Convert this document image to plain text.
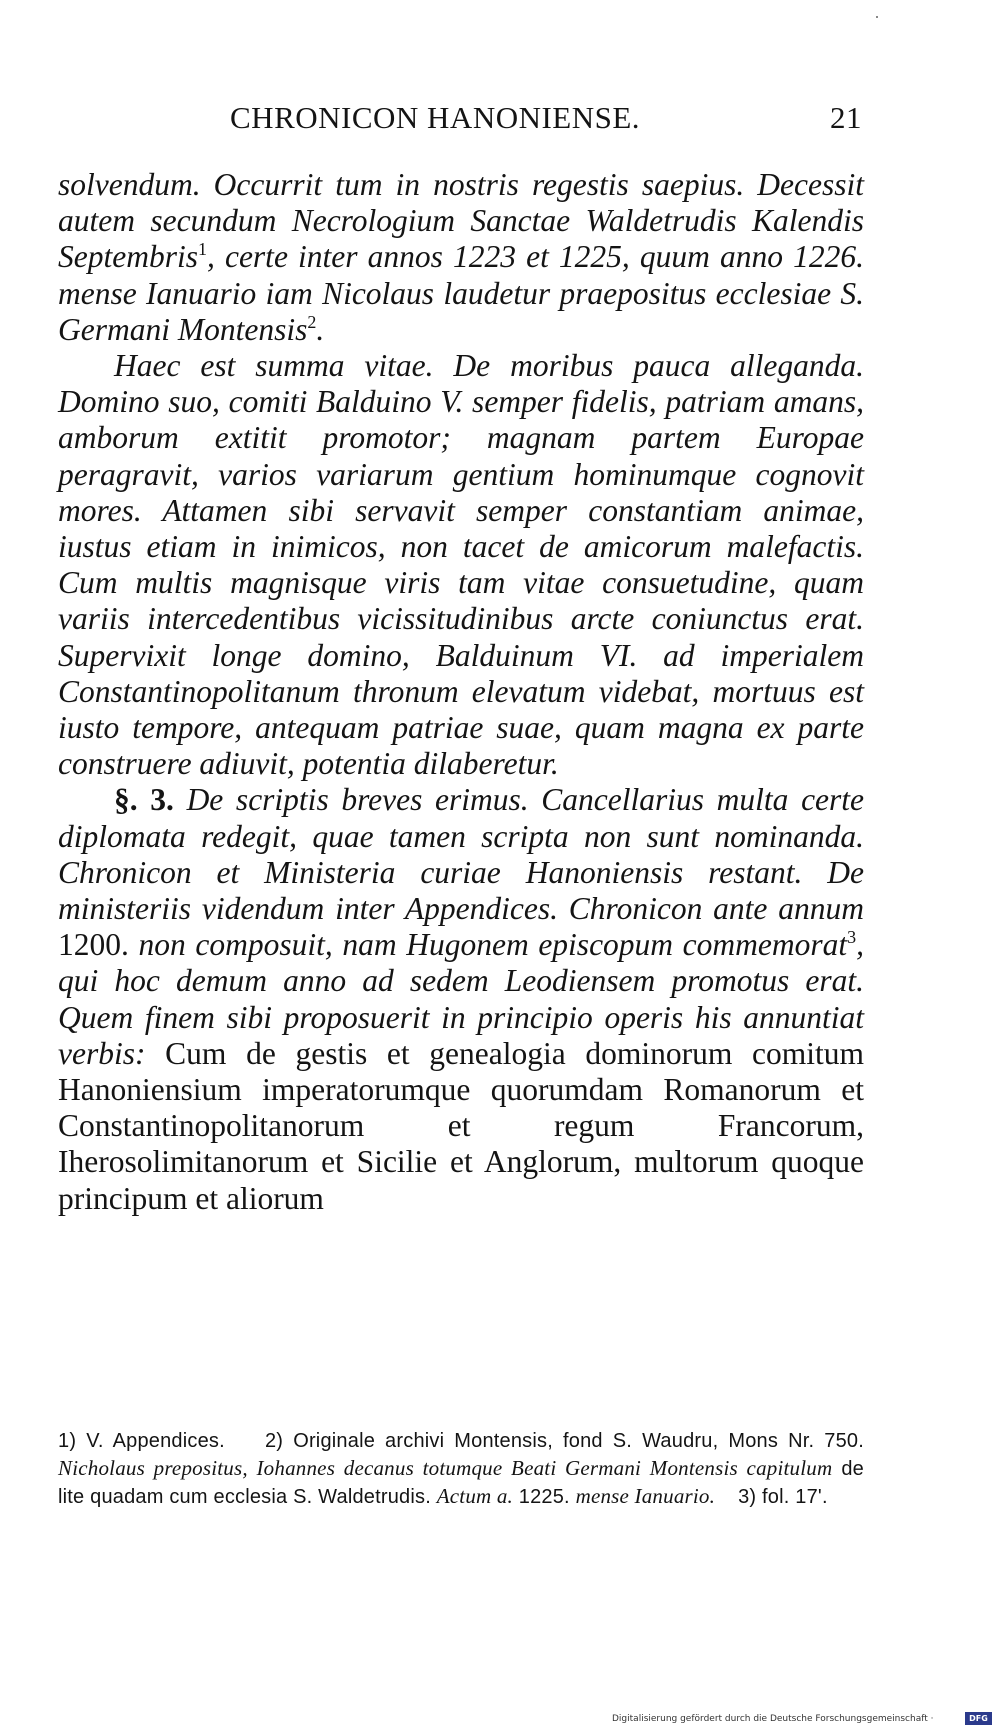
CHRONICON HANONIENSE.	21

solvendum. Occurrit tum in nostris regestis saepius. Decessit autem secundum Necrologium Sanctae Waldetrudis Kalendis Septembris$^1$, certe inter annos 1223 et 1225, quum anno 1226. mense Ianuario iam Nicolaus laudetur praepositus ecclesiae S. Germani Montensis$^2$.

Haec est summa vitae. De moribus pauca alleganda. Domino suo, comiti Balduino V. semper fidelis, patriam amans, amborum extitit promotor; magnam partem Europae peragravit, varios variarum gentium hominumque cognovit mores. Attamen sibi servavit semper constantiam animae, iustus etiam in inimicos, non tacet de amicorum malefactis. Cum multis magnisque viris tam vitae consuetudine, quam variis intercedentibus vicissitudinibus arcte coniunctus erat. Supervixit longe domino, Balduinum VI. ad imperialem Constantinopolitanum thronum elevatum videbat, mortuus est iusto tempore, antequam patriae suae, quam magna ex parte construere adiuvit, potentia dilaberetur.

§. 3. De scriptis breves erimus. Cancellarius multa certe diplomata redegit, quae tamen scripta non sunt nominanda. Chronicon et Ministeria curiae Hanoniensis restant. De ministeriis videndum inter Appendices. Chronicon ante annum 1200. non composuit, nam Hugonem episcopum commemorat$^3$, qui hoc demum anno ad sedem Leodiensem promotus erat. Quem finem sibi proposuerit in principio operis his annuntiat verbis: Cum de gestis et genealogia dominorum comitum Hanoniensium imperatorumque quorumdam Romanorum et Constantinopolitanorum et regum Francorum, Iherosolimitanorum et Sicilie et Anglorum, multorum quoque principum et aliorum

1) V. Appendices. 2) Originale archivi Montensis, fond S. Waudru, Mons Nr. 750. Nicholaus prepositus, Iohannes decanus totumque Beati Germani Montensis capitulum de lite quadam cum ecclesia S. Waldetrudis. Actum a. 1225. mense Ianuario. 3) fol. 17'.

Digitalisierung gefördert durch die Deutsche Forschungsgemeinschaft ·	DFG
